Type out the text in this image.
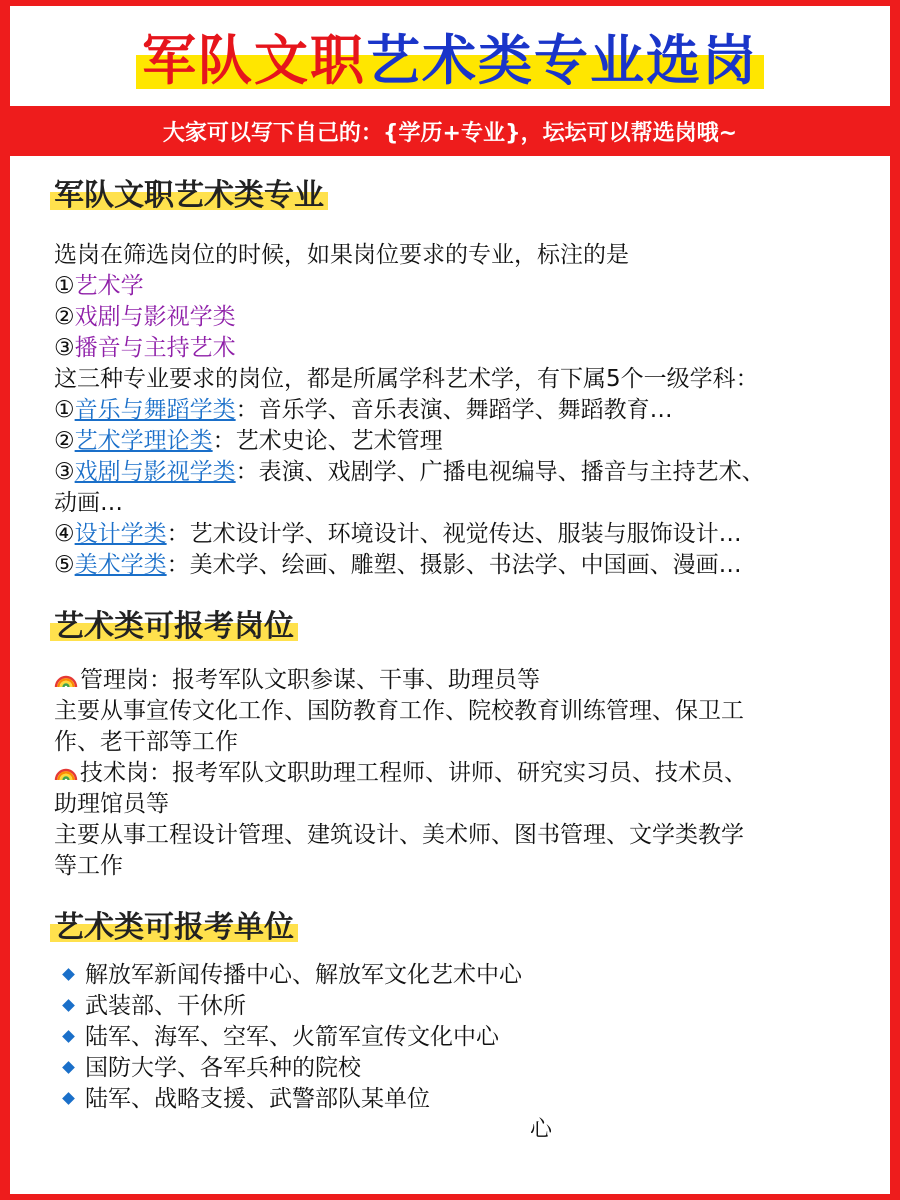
军队文职艺术类专业选岗
大家可以写下自己的：{学历+专业}，坛坛可以帮选岗哦~
军队文职艺术类专业
选岗在筛选岗位的时候，如果岗位要求的专业，标注的是
①艺术学
②戏剧与影视学类
③播音与主持艺术
这三种专业要求的岗位，都是所属学科艺术学，有下属5个一级学科：
①音乐与舞蹈学类：音乐学、音乐表演、舞蹈学、舞蹈教育…
②艺术学理论类：艺术史论、艺术管理
③戏剧与影视学类：表演、戏剧学、广播电视编导、播音与主持艺术、
动画…
④设计学类：艺术设计学、环境设计、视觉传达、服装与服饰设计…
⑤美术学类：美术学、绘画、雕塑、摄影、书法学、中国画、漫画…
艺术类可报考岗位
管理岗：报考军队文职参谋、干事、助理员等
主要从事宣传文化工作、国防教育工作、院校教育训练管理、保卫工
作、老干部等工作
技术岗：报考军队文职助理工程师、讲师、研究实习员、技术员、
助理馆员等
主要从事工程设计管理、建筑设计、美术师、图书管理、文学类教学
等工作
艺术类可报考单位
解放军新闻传播中心、解放军文化艺术中心
武装部、干休所
陆军、海军、空军、火箭军宣传文化中心
国防大学、各军兵种的院校
陆军、战略支援、武警部队某单位
心
